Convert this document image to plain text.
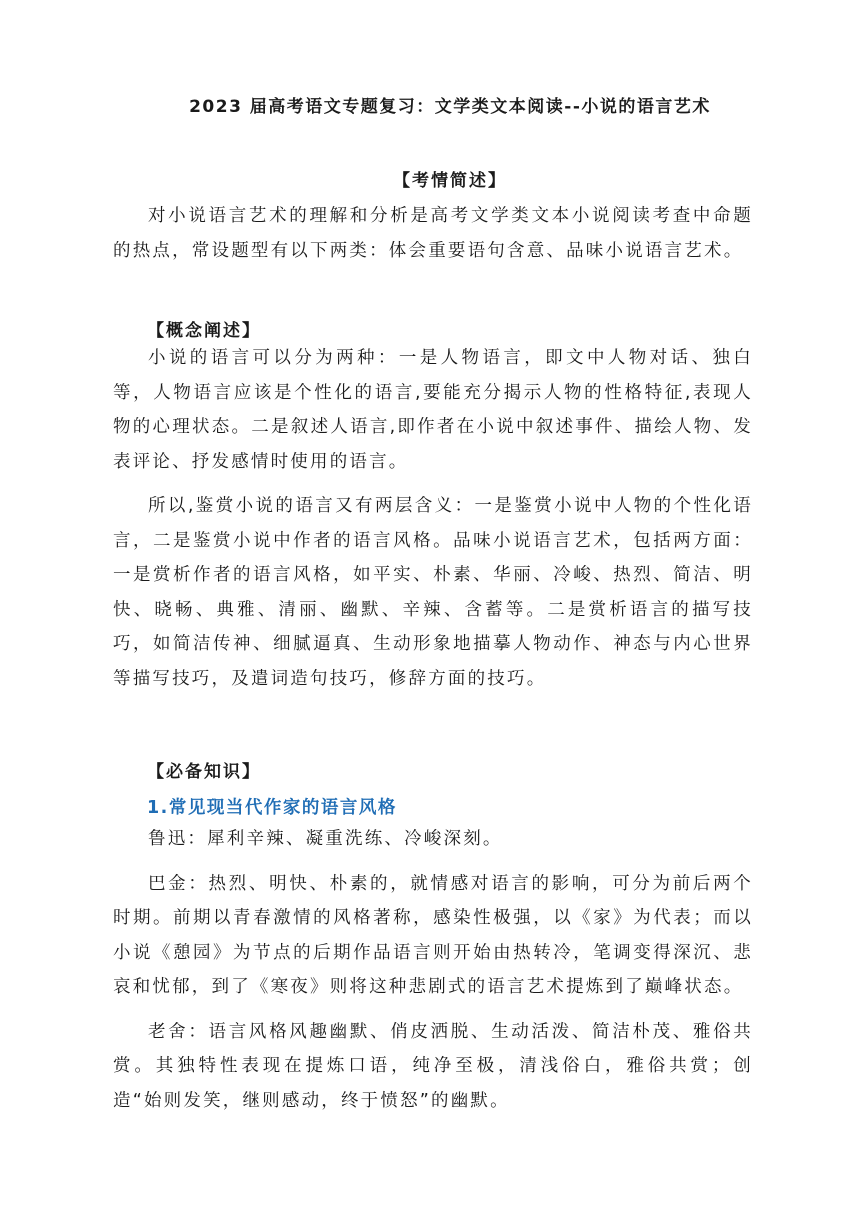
2023 届高考语文专题复习：文学类文本阅读--小说的语言艺术
【考情简述】

对小说语言艺术的理解和分析是高考文学类文本小说阅读考查中命题的热点，常设题型有以下两类：体会重要语句含意、品味小说语言艺术。

【概念阐述】

小说的语言可以分为两种：一是人物语言，即文中人物对话、独白等，人物语言应该是个性化的语言,要能充分揭示人物的性格特征,表现人物的心理状态。二是叙述人语言,即作者在小说中叙述事件、描绘人物、发表评论、抒发感情时使用的语言。

所以,鉴赏小说的语言又有两层含义：一是鉴赏小说中人物的个性化语言，二是鉴赏小说中作者的语言风格。品味小说语言艺术，包括两方面：一是赏析作者的语言风格，如平实、朴素、华丽、冷峻、热烈、简洁、明快、晓畅、典雅、清丽、幽默、辛辣、含蓄等。二是赏析语言的描写技巧，如简洁传神、细腻逼真、生动形象地描摹人物动作、神态与内心世界等描写技巧，及遣词造句技巧，修辞方面的技巧。

【必备知识】
1.常见现当代作家的语言风格

鲁迅：犀利辛辣、凝重洗练、冷峻深刻。

巴金：热烈、明快、朴素的，就情感对语言的影响，可分为前后两个时期。前期以青春激情的风格著称，感染性极强，以《家》为代表；而以小说《憩园》为节点的后期作品语言则开始由热转冷，笔调变得深沉、悲哀和忧郁，到了《寒夜》则将这种悲剧式的语言艺术提炼到了巅峰状态。

老舍：语言风格风趣幽默、俏皮洒脱、生动活泼、简洁朴茂、雅俗共赏。其独特性表现在提炼口语，纯净至极，清浅俗白，雅俗共赏；创造“始则发笑，继则感动，终于愤怒”的幽默。
